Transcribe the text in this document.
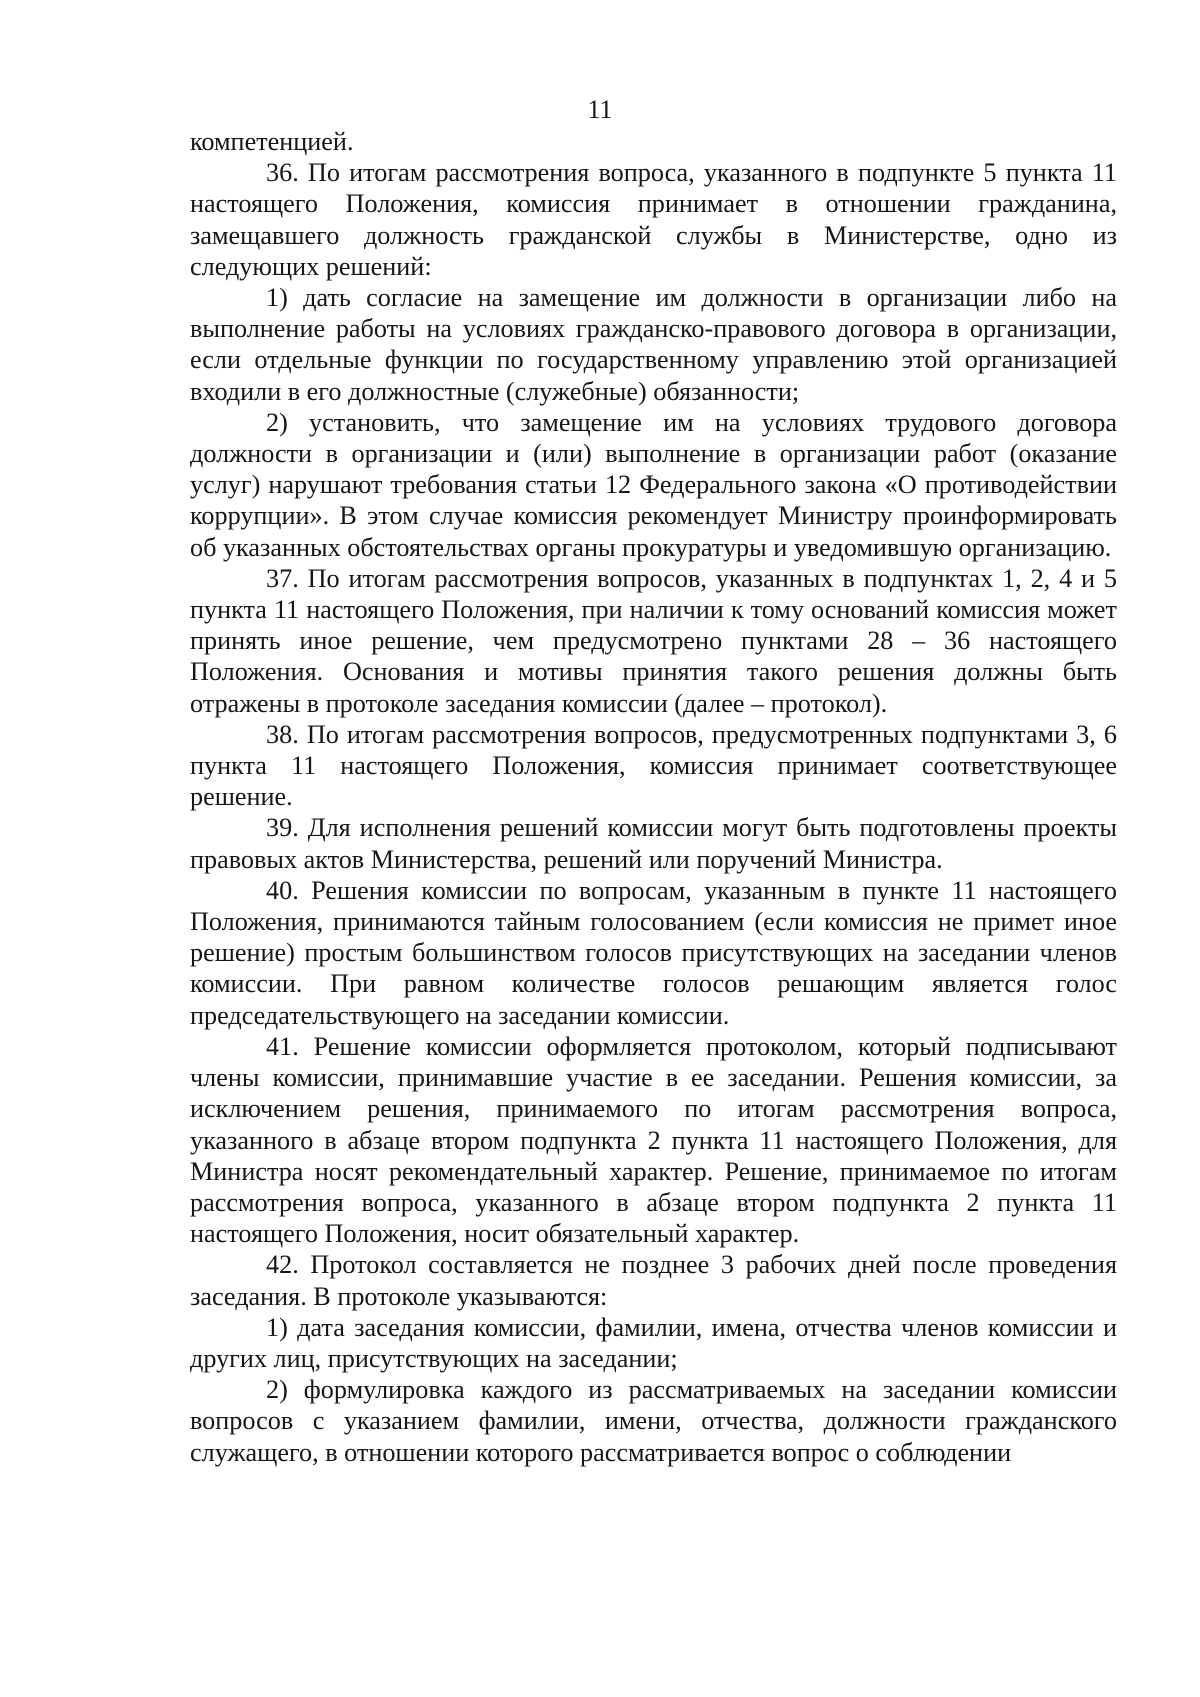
11

компетенцией.

36. По итогам рассмотрения вопроса, указанного в подпункте 5 пункта 11 настоящего Положения, комиссия принимает в отношении гражданина, замещавшего должность гражданской службы в Министерстве, одно из следующих решений:

1) дать согласие на замещение им должности в организации либо на выполнение работы на условиях гражданско-правового договора в организации, если отдельные функции по государственному управлению этой организацией входили в его должностные (служебные) обязанности;

2) установить, что замещение им на условиях трудового договора должности в организации и (или) выполнение в организации работ (оказание услуг) нарушают требования статьи 12 Федерального закона «О противодействии коррупции». В этом случае комиссия рекомендует Министру проинформировать об указанных обстоятельствах органы прокуратуры и уведомившую организацию.

37. По итогам рассмотрения вопросов, указанных в подпунктах 1, 2, 4 и 5 пункта 11 настоящего Положения, при наличии к тому оснований комиссия может принять иное решение, чем предусмотрено пунктами 28 – 36 настоящего Положения. Основания и мотивы принятия такого решения должны быть отражены в протоколе заседания комиссии (далее – протокол).

38. По итогам рассмотрения вопросов, предусмотренных подпунктами 3, 6 пункта 11 настоящего Положения, комиссия принимает соответствующее решение.

39. Для исполнения решений комиссии могут быть подготовлены проекты правовых актов Министерства, решений или поручений Министра.

40. Решения комиссии по вопросам, указанным в пункте 11 настоящего Положения, принимаются тайным голосованием (если комиссия не примет иное решение) простым большинством голосов присутствующих на заседании членов комиссии. При равном количестве голосов решающим является голос председательствующего на заседании комиссии.

41. Решение комиссии оформляется протоколом, который подписывают члены комиссии, принимавшие участие в ее заседании. Решения комиссии, за исключением решения, принимаемого по итогам рассмотрения вопроса, указанного в абзаце втором подпункта 2 пункта 11 настоящего Положения, для Министра носят рекомендательный характер. Решение, принимаемое по итогам рассмотрения вопроса, указанного в абзаце втором подпункта 2 пункта 11 настоящего Положения, носит обязательный характер.

42. Протокол составляется не позднее 3 рабочих дней после проведения заседания. В протоколе указываются:

1) дата заседания комиссии, фамилии, имена, отчества членов комиссии и других лиц, присутствующих на заседании;

2) формулировка каждого из рассматриваемых на заседании комиссии вопросов с указанием фамилии, имени, отчества, должности гражданского служащего, в отношении которого рассматривается вопрос о соблюдении
